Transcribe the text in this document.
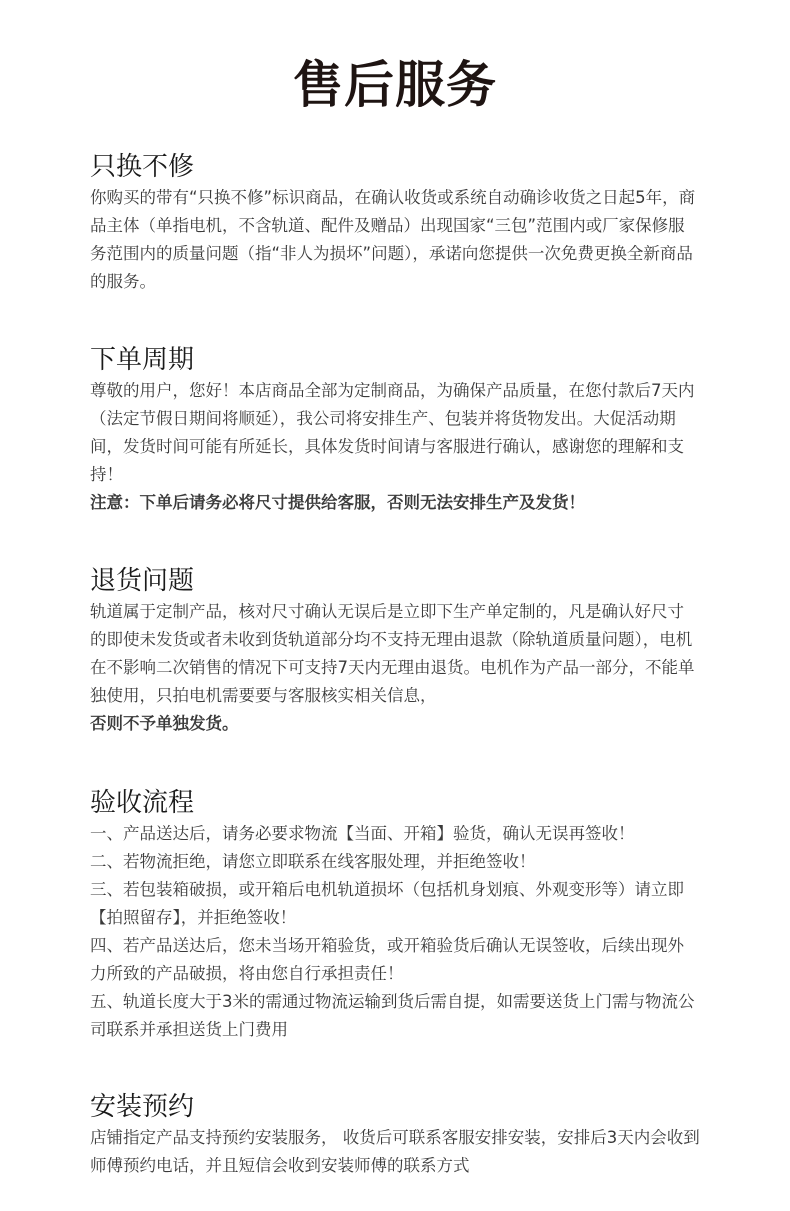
售后服务
只换不修

你购买的带有“只换不修”标识商品，在确认收货或系统自动确诊收货之日起5年，商品主体（单指电机，不含轨道、配件及赠品）出现国家“三包”范围内或厂家保修服务范围内的质量问题（指“非人为损坏”问题），承诺向您提供一次免费更换全新商品的服务。

下单周期

尊敬的用户，您好！本店商品全部为定制商品，为确保产品质量，在您付款后7天内（法定节假日期间将顺延），我公司将安排生产、包装并将货物发出。大促活动期间，发货时间可能有所延长，具体发货时间请与客服进行确认，感谢您的理解和支持！

注意：下单后请务必将尺寸提供给客服，否则无法安排生产及发货！

退货问题

轨道属于定制产品，核对尺寸确认无误后是立即下生产单定制的，凡是确认好尺寸的即使未发货或者未收到货轨道部分均不支持无理由退款（除轨道质量问题），电机在不影响二次销售的情况下可支持7天内无理由退货。电机作为产品一部分，不能单独使用，只拍电机需要要与客服核实相关信息，

否则不予单独发货。

验收流程

一、产品送达后，请务必要求物流【当面、开箱】验货，确认无误再签收！

二、若物流拒绝，请您立即联系在线客服处理，并拒绝签收！

三、若包装箱破损，或开箱后电机轨道损坏（包括机身划痕、外观变形等）请立即【拍照留存】，并拒绝签收！

四、若产品送达后，您未当场开箱验货，或开箱验货后确认无误签收，后续出现外力所致的产品破损，将由您自行承担责任！

五、轨道长度大于3米的需通过物流运输到货后需自提，如需要送货上门需与物流公司联系并承担送货上门费用

安装预约

店铺指定产品支持预约安装服务， 收货后可联系客服安排安装，安排后3天内会收到师傅预约电话，并且短信会收到安装师傅的联系方式
